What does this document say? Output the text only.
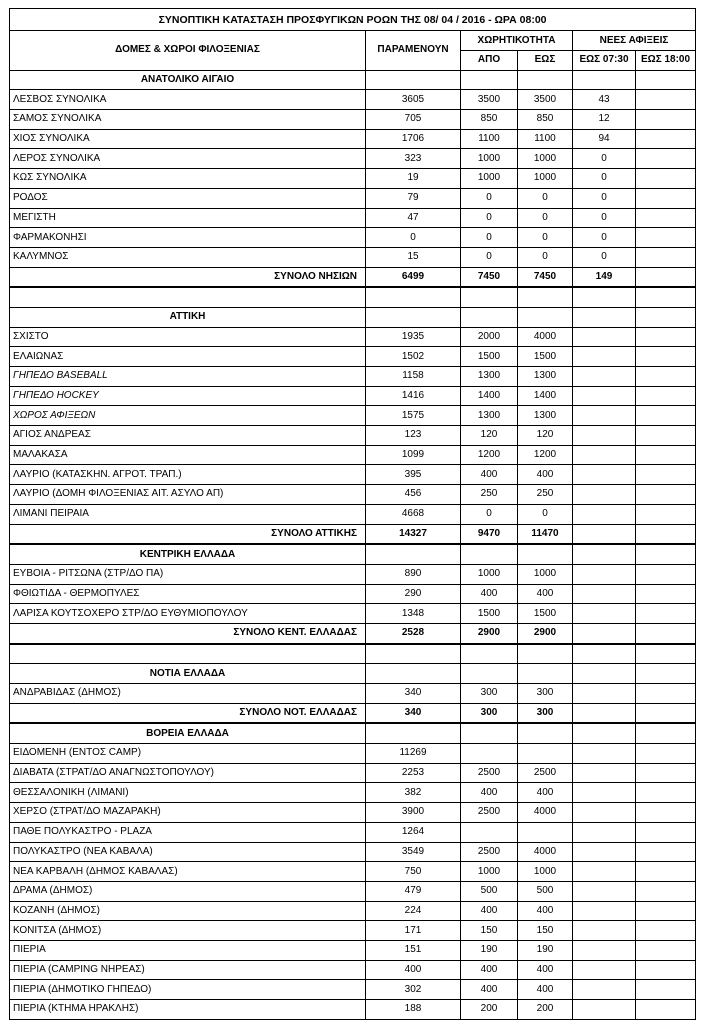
ΣΥΝΟΠΤΙΚΗ ΚΑΤΑΣΤΑΣΗ ΠΡΟΣΦΥΓΙΚΩΝ ΡΟΩΝ ΤΗΣ 08/ 04 / 2016 - ΩΡΑ 08:00					
ΔΟΜΕΣ & ΧΩΡΟΙ ΦΙΛΟΞΕΝΙΑΣ	ΠΑΡΑΜΕΝΟΥΝ	ΧΩΡΗΤΙΚΟΤΗΤΑ		ΝΕΕΣ ΑΦΙΞΕΙΣ	
		ΑΠΟ	ΕΩΣ	ΕΩΣ 07:30	ΕΩΣ 18:00
ΑΝΑΤΟΛΙΚΟ ΑΙΓΑΙΟ					
ΛΕΣΒΟΣ ΣΥΝΟΛΙΚΑ	3605	3500	3500	43	
ΣΑΜΟΣ ΣΥΝΟΛΙΚΑ	705	850	850	12	
ΧΙΟΣ ΣΥΝΟΛΙΚΑ	1706	1100	1100	94	
ΛΕΡΟΣ ΣΥΝΟΛΙΚΑ	323	1000	1000	0	
ΚΩΣ ΣΥΝΟΛΙΚΑ	19	1000	1000	0	
ΡΟΔΟΣ	79	0	0	0	
ΜΕΓΙΣΤΗ	47	0	0	0	
ΦΑΡΜΑΚΟΝΗΣΙ	0	0	0	0	
ΚΑΛΥΜΝΟΣ	15	0	0	0	
ΣΥΝΟΛΟ ΝΗΣΙΩΝ	6499	7450	7450	149	

ΑΤΤΙΚΗ					
ΣΧΙΣΤΟ	1935	2000	4000		
ΕΛΑΙΩΝΑΣ	1502	1500	1500		
ΓΗΠΕΔΟ BASEBALL	1158	1300	1300		
ΓΗΠΕΔΟ HOCKEY	1416	1400	1400		
ΧΩΡΟΣ ΑΦΙΞΕΩΝ	1575	1300	1300		
ΑΓΙΟΣ ΑΝΔΡΕΑΣ	123	120	120		
ΜΑΛΑΚΑΣΑ	1099	1200	1200		
ΛΑΥΡΙΟ (ΚΑΤΑΣΚΗΝ. ΑΓΡΟΤ. ΤΡΑΠ.)	395	400	400		
ΛΑΥΡΙΟ (ΔΟΜΗ ΦΙΛΟΞΕΝΙΑΣ ΑΙΤ. ΑΣΥΛΟ ΑΠ)	456	250	250		
ΛΙΜΑΝΙ ΠΕΙΡΑΙΑ	4668	0	0		
ΣΥΝΟΛΟ ΑΤΤΙΚΗΣ	14327	9470	11470		
ΚΕΝΤΡΙΚΗ ΕΛΛΑΔΑ					
ΕΥΒΟΙΑ - ΡΙΤΣΩΝΑ (ΣΤΡ/ΔΟ ΠΑ)	890	1000	1000		
ΦΘΙΩΤΙΔΑ - ΘΕΡΜΟΠΥΛΕΣ	290	400	400		
ΛΑΡΙΣΑ ΚΟΥΤΣΟΧΕΡΟ ΣΤΡ/ΔΟ ΕΥΘΥΜΙΟΠΟΥΛΟΥ	1348	1500	1500		
ΣΥΝΟΛΟ ΚΕΝΤ. ΕΛΛΑΔΑΣ	2528	2900	2900		

ΝΟΤΙΑ ΕΛΛΑΔΑ					
ΑΝΔΡΑΒΙΔΑΣ (ΔΗΜΟΣ)	340	300	300		
ΣΥΝΟΛΟ ΝΟΤ. ΕΛΛΑΔΑΣ	340	300	300		
ΒΟΡΕΙΑ ΕΛΛΑΔΑ					
ΕΙΔΟΜΕΝΗ (ΕΝΤΟΣ CAMP)	11269				
ΔΙΑΒΑΤΑ (ΣΤΡΑΤ/ΔΟ ΑΝΑΓΝΩΣΤΟΠΟΥΛΟΥ)	2253	2500	2500		
ΘΕΣΣΑΛΟΝΙΚΗ (ΛΙΜΑΝΙ)	382	400	400		
ΧΕΡΣΟ (ΣΤΡΑΤ/ΔΟ ΜΑΖΑΡΑΚΗ)	3900	2500	4000		
ΠΑΘΕ ΠΟΛΥΚΑΣΤΡΟ - PLAZA	1264				
ΠΟΛΥΚΑΣΤΡΟ (ΝΕΑ ΚΑΒΑΛΑ)	3549	2500	4000		
ΝΕΑ ΚΑΡΒΑΛΗ (ΔΗΜΟΣ ΚΑΒΑΛΑΣ)	750	1000	1000		
ΔΡΑΜΑ (ΔΗΜΟΣ)	479	500	500		
ΚΟΖΑΝΗ (ΔΗΜΟΣ)	224	400	400		
ΚΟΝΙΤΣΑ (ΔΗΜΟΣ)	171	150	150		
ΠΙΕΡΙΑ	151	190	190		
ΠΙΕΡΙΑ (CAMPING ΝΗΡΕΑΣ)	400	400	400		
ΠΙΕΡΙΑ (ΔΗΜΟΤΙΚΟ ΓΗΠΕΔΟ)	302	400	400		
ΠΙΕΡΙΑ (ΚΤΗΜΑ ΗΡΑΚΛΗΣ)	188	200	200		
